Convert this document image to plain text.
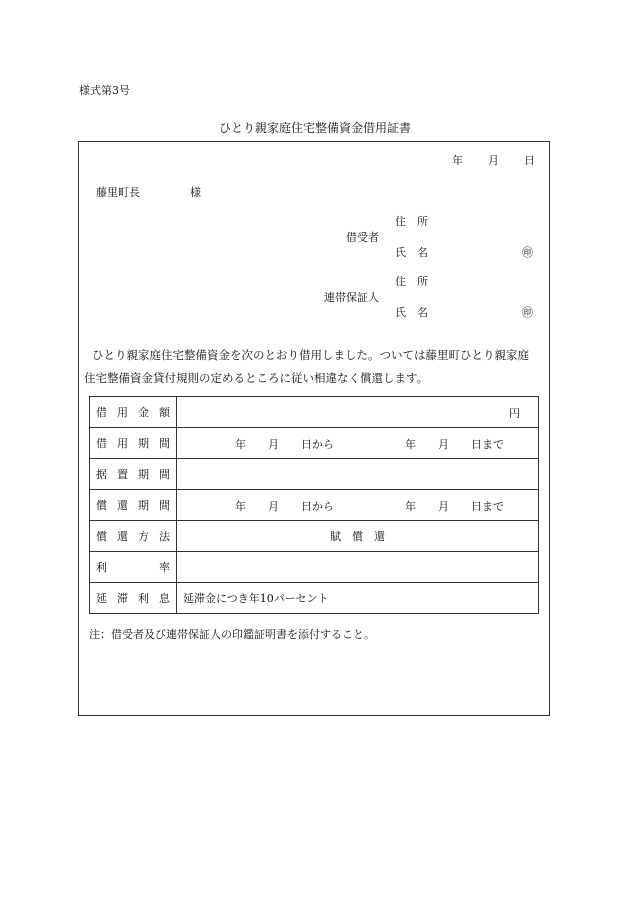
様式第3号
ひとり親家庭住宅整備資金借用証書
年 月 日
藤里町長	様
借受者
住　所
氏　名	㊞
連帯保証人
住　所
氏　名	㊞
ひとり親家庭住宅整備資金を次のとおり借用しました。ついては藤里町ひとり親家庭
住宅整備資金貸付規則の定めるところに従い相違なく償還します。
借用金額	円

借用期間	年　　月　　日から 年　　月　　日まで

据置期間	
償還期間	年　　月　　日から 年　　月　　日まで

償還方法	賦　償　還
利　　　率	
延滞利息	延滞金につき年10パーセント
注：借受者及び連帯保証人の印鑑証明書を添付すること。
